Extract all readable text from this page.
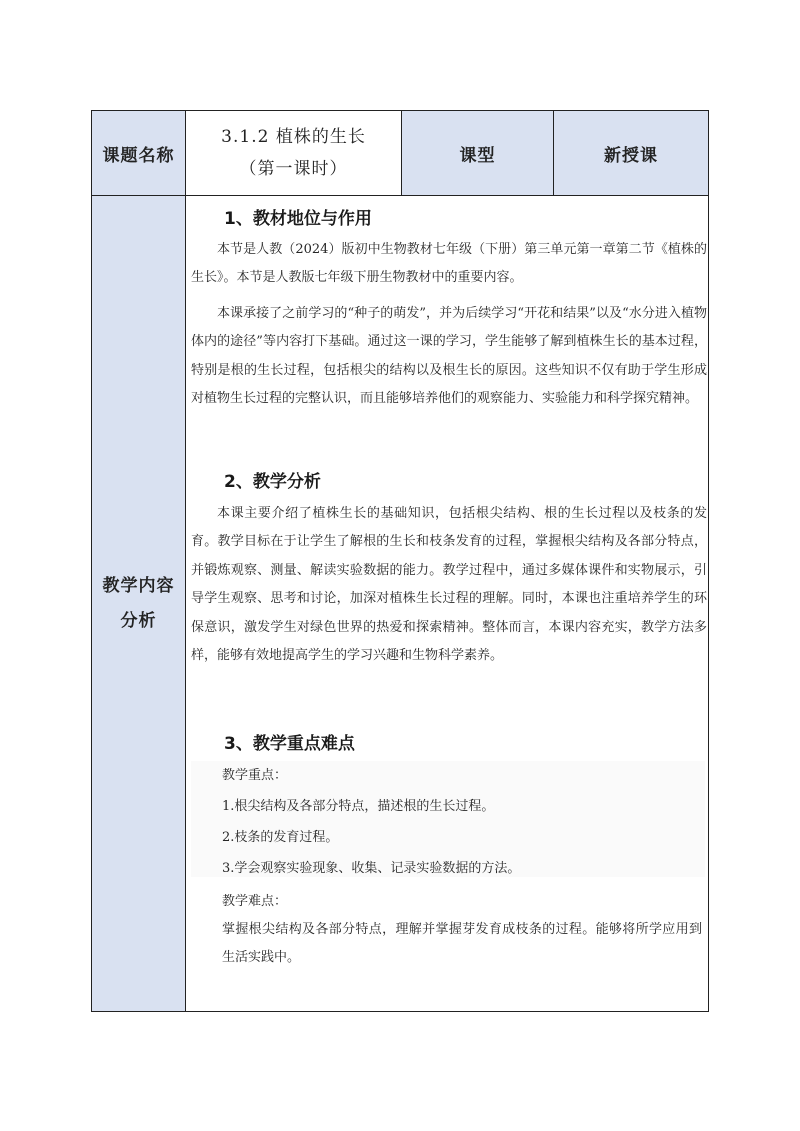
课题名称
3.1.2 植株的生长
（第一课时）
课型	新授课
教学内容分析
1、教材地位与作用
本节是人教（2024）版初中生物教材七年级（下册）第三单元第一章第二节《植株的生长》。本节是人教版七年级下册生物教材中的重要内容。
本课承接了之前学习的“种子的萌发”，并为后续学习“开花和结果”以及“水分进入植物体内的途径”等内容打下基础。通过这一课的学习，学生能够了解到植株生长的基本过程，特别是根的生长过程，包括根尖的结构以及根生长的原因。这些知识不仅有助于学生形成对植物生长过程的完整认识，而且能够培养他们的观察能力、实验能力和科学探究精神。
2、教学分析
本课主要介绍了植株生长的基础知识，包括根尖结构、根的生长过程以及枝条的发育。教学目标在于让学生了解根的生长和枝条发育的过程，掌握根尖结构及各部分特点，并锻炼观察、测量、解读实验数据的能力。教学过程中，通过多媒体课件和实物展示，引导学生观察、思考和讨论，加深对植株生长过程的理解。同时，本课也注重培养学生的环保意识，激发学生对绿色世界的热爱和探索精神。整体而言，本课内容充实，教学方法多样，能够有效地提高学生的学习兴趣和生物科学素养。
3、教学重点难点
教学重点：
1.根尖结构及各部分特点，描述根的生长过程。
2.枝条的发育过程。
3.学会观察实验现象、收集、记录实验数据的方法。
教学难点：
掌握根尖结构及各部分特点，理解并掌握芽发育成枝条的过程。能够将所学应用到生活实践中。
